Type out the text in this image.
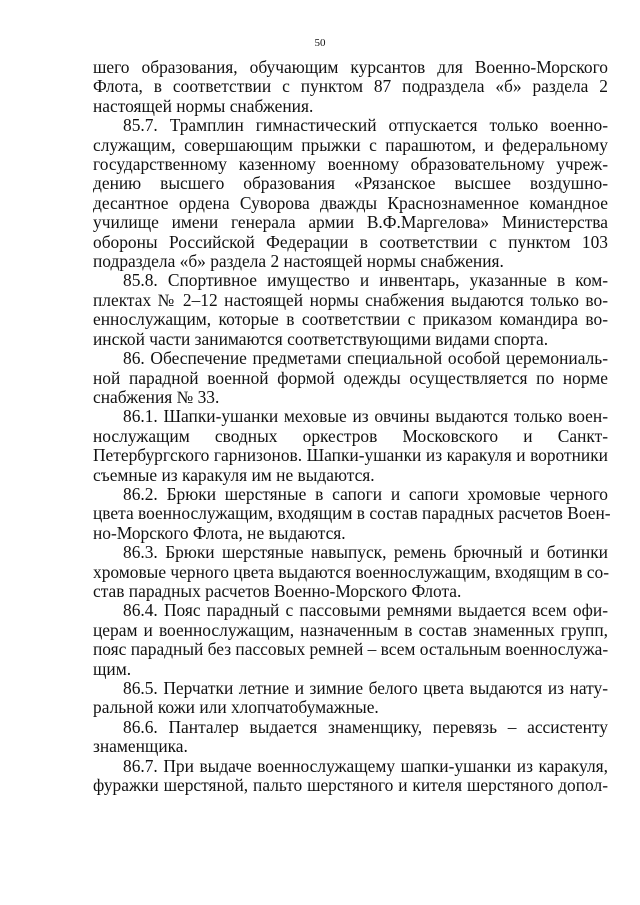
50
шего образования, обучающим курсантов для Военно-Морского
Флота, в соответствии с пунктом 87 подраздела «б» раздела 2
настоящей нормы снабжения.
85.7. Трамплин гимнастический отпускается только военно-
служащим, совершающим прыжки с парашютом, и федеральному
государственному казенному военному образовательному учреж-
дению высшего образования «Рязанское высшее воздушно-
десантное ордена Суворова дважды Краснознаменное командное
училище имени генерала армии В.Ф.Маргелова» Министерства
обороны Российской Федерации в соответствии с пунктом 103
подраздела «б» раздела 2 настоящей нормы снабжения.
85.8. Спортивное имущество и инвентарь, указанные в ком-
плектах № 2–12 настоящей нормы снабжения выдаются только во-
еннослужащим, которые в соответствии с приказом командира во-
инской части занимаются соответствующими видами спорта.
86. Обеспечение предметами специальной особой церемониаль-
ной парадной военной формой одежды осуществляется по норме
снабжения № 33.
86.1. Шапки-ушанки меховые из овчины выдаются только воен-
нослужащим сводных оркестров Московского и Санкт-
Петербургского гарнизонов. Шапки-ушанки из каракуля и воротники
съемные из каракуля им не выдаются.
86.2. Брюки шерстяные в сапоги и сапоги хромовые черного
цвета военнослужащим, входящим в состав парадных расчетов Воен-
но-Морского Флота, не выдаются.
86.3. Брюки шерстяные навыпуск, ремень брючный и ботинки
хромовые черного цвета выдаются военнослужащим, входящим в со-
став парадных расчетов Военно-Морского Флота.
86.4. Пояс парадный с пассовыми ремнями выдается всем офи-
церам и военнослужащим, назначенным в состав знаменных групп,
пояс парадный без пассовых ремней – всем остальным военнослужа-
щим.
86.5. Перчатки летние и зимние белого цвета выдаются из нату-
ральной кожи или хлопчатобумажные.
86.6. Панталер выдается знаменщику, перевязь – ассистенту
знаменщика.
86.7. При выдаче военнослужащему шапки-ушанки из каракуля,
фуражки шерстяной, пальто шерстяного и кителя шерстяного допол-
